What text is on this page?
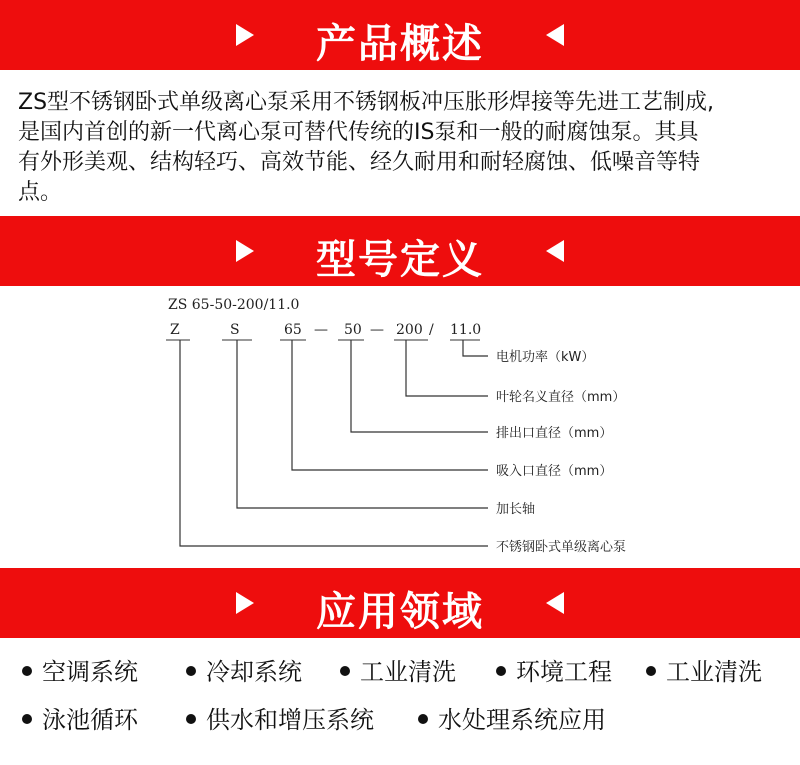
产品概述
ZS型不锈钢卧式单级离心泵采用不锈钢板冲压胀形焊接等先进工艺制成,
是国内首创的新一代离心泵可替代传统的IS泵和一般的耐腐蚀泵。其具
有外形美观、结构轻巧、高效节能、经久耐用和耐轻腐蚀、低噪音等特
点。
型号定义
ZS 65-50-200/11.0
Z	S	65 — 50 — 200 / 11.0
电机功率（kW）
叶轮名义直径（mm）
排出口直径（mm）
吸入口直径（mm）
加长轴
不锈钢卧式单级离心泵
应用领域
空调系统	冷却系统	工业清洗	环境工程	工业清洗
泳池循环	供水和增压系统	水处理系统应用
